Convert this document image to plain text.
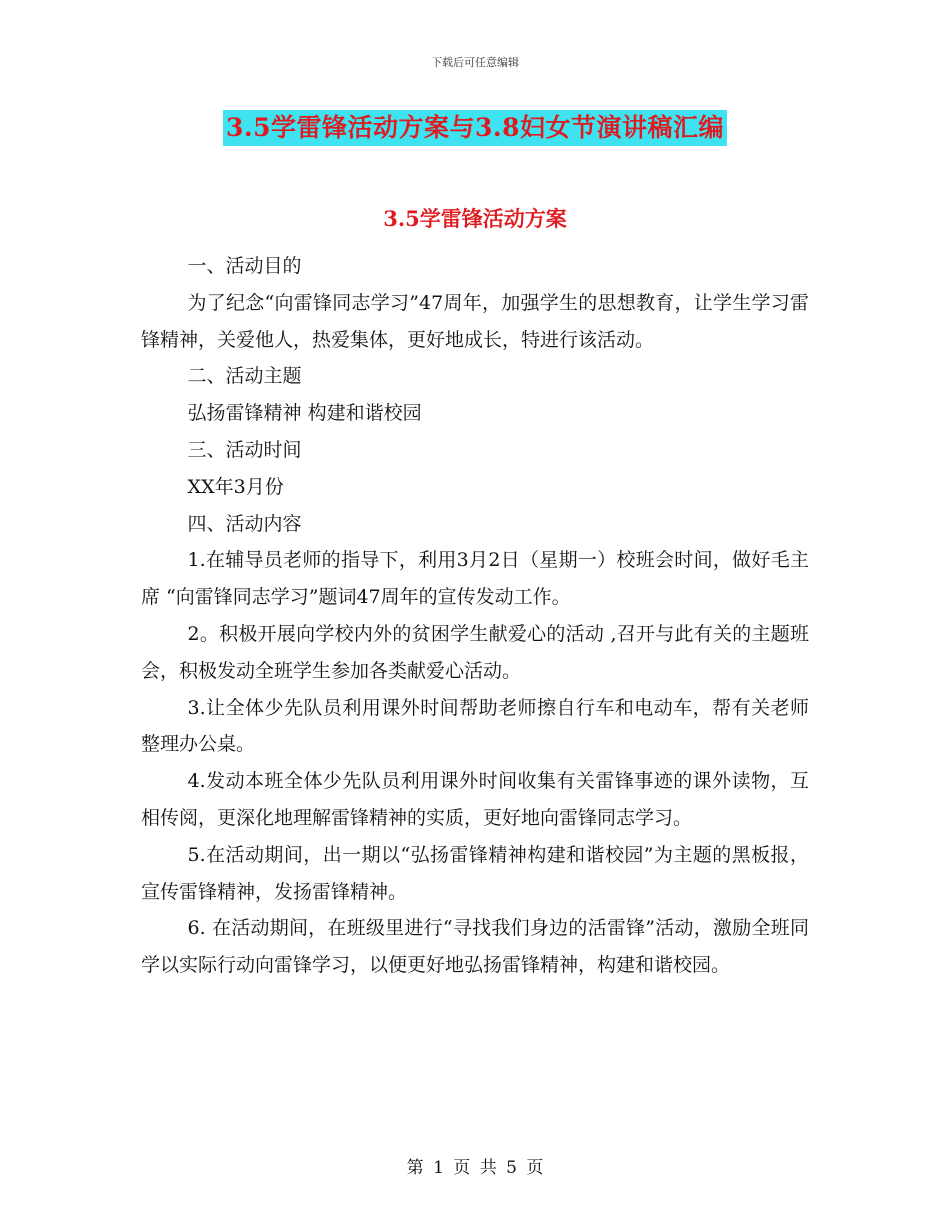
下载后可任意编辑
3.5学雷锋活动方案与3.8妇女节演讲稿汇编
3.5学雷锋活动方案

一、活动目的

为了纪念“向雷锋同志学习”47周年，加强学生的思想教育，让学生学习雷锋精神，关爱他人，热爱集体，更好地成长，特进行该活动。

二、活动主题

弘扬雷锋精神 构建和谐校园

三、活动时间

XX年3月份

四、活动内容

1.在辅导员老师的指导下，利用3月2日（星期一）校班会时间，做好毛主席 “向雷锋同志学习”题词47周年的宣传发动工作。

2。积极开展向学校内外的贫困学生献爱心的活动 ,召开与此有关的主题班会，积极发动全班学生参加各类献爱心活动。

3.让全体少先队员利用课外时间帮助老师擦自行车和电动车，帮有关老师整理办公桌。

4.发动本班全体少先队员利用课外时间收集有关雷锋事迹的课外读物，互相传阅，更深化地理解雷锋精神的实质，更好地向雷锋同志学习。

5.在活动期间，出一期以“弘扬雷锋精神构建和谐校园”为主题的黑板报，宣传雷锋精神，发扬雷锋精神。

6. 在活动期间，在班级里进行“寻找我们身边的活雷锋”活动，激励全班同学以实际行动向雷锋学习，以便更好地弘扬雷锋精神，构建和谐校园。

第 1 页 共 5 页
